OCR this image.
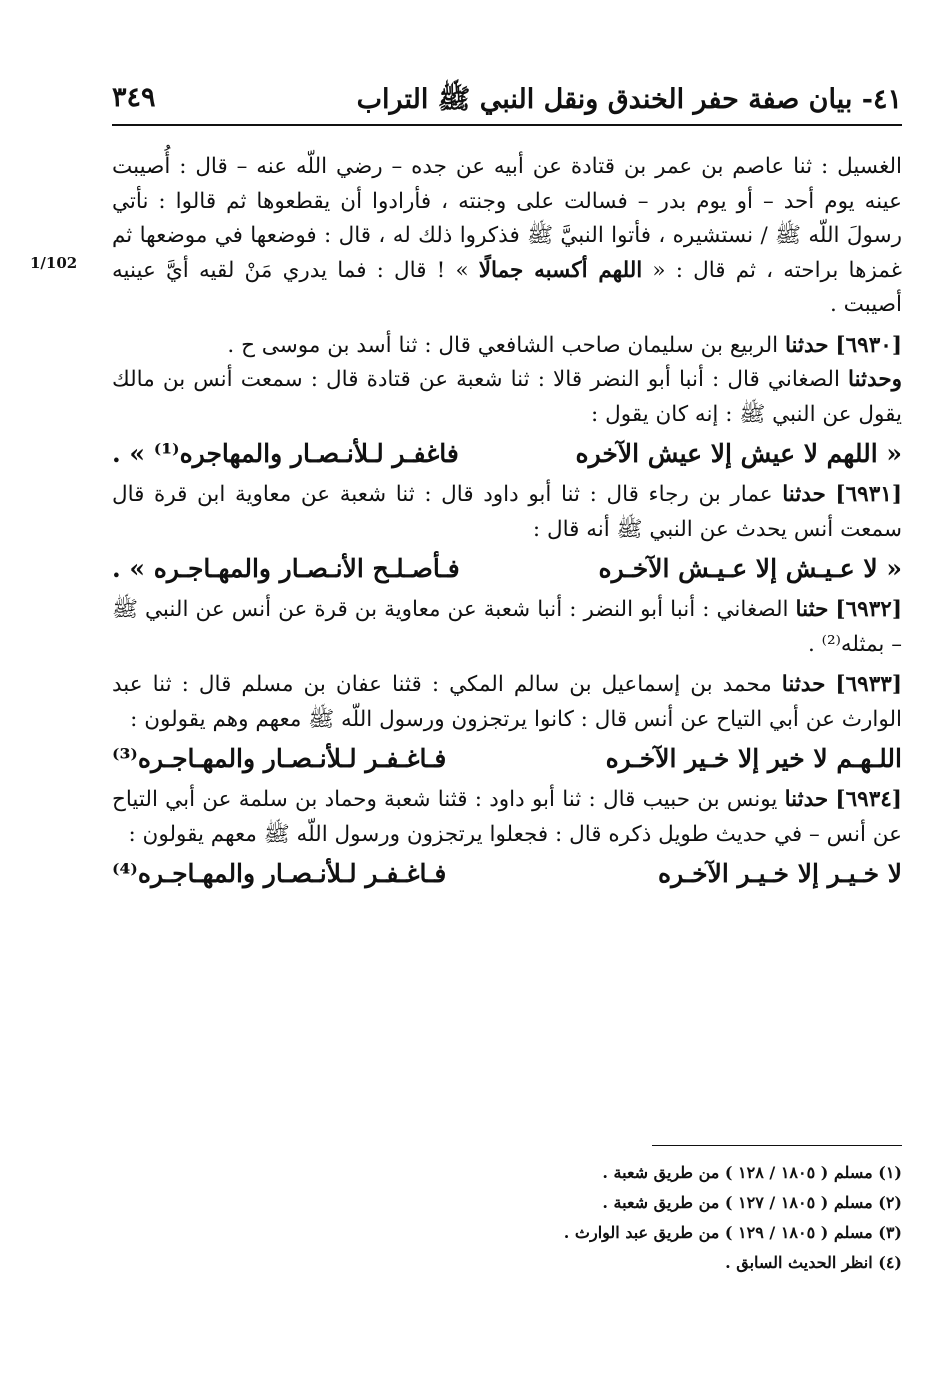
٤١- بيان صفة حفر الخندق ونقل النبي ﷺ التراب
٣٤٩
1/102

الغسيل : ثنا عاصم بن عمر بن قتادة عن أبيه عن جده – رضي اللّه عنه – قال : أُصيبت عينه يوم أحد – أو يوم بدر – فسالت على وجنته ، فأرادوا أن يقطعوها ثم قالوا : نأتي رسولَ اللّه ﷺ / نستشيره ، فأتوا النبيَّ ﷺ فذكروا ذلك له ، قال : فوضعها في موضعها ثم غمزها براحته ، ثم قال : « اللهم أكسبه جمالًا » ! قال : فما يدري مَنْ لقيه أيَّ عينيه أصيبت .

[٦٩٣٠] حدثنا الربيع بن سليمان صاحب الشافعي قال : ثنا أسد بن موسى ح .

وحدثنا الصغاني قال : أنبا أبو النضر قالا : ثنا شعبة عن قتادة قال : سمعت أنس بن مالك يقول عن النبي ﷺ : إنه كان يقول :

« اللهم لا عيش إلا عيش الآخره
فاغفـر لـلأنـصـار والمهاجره⁽¹⁾ » .

[٦٩٣١] حدثنا عمار بن رجاء قال : ثنا أبو داود قال : ثنا شعبة عن معاوية ابن قرة قال سمعت أنس يحدث عن النبي ﷺ أنه قال :

« لا عـيـش إلا عـيـش الآخـره
فـأصـلـح الأنـصـار والمهـاجـره » .

[٦٩٣٢] حثنا الصغاني : أنبا أبو النضر : أنبا شعبة عن معاوية بن قرة عن أنس عن النبي ﷺ – بمثله⁽²⁾ .

[٦٩٣٣] حدثنا محمد بن إسماعيل بن سالم المكي : قثنا عفان بن مسلم قال : ثنا عبد الوارث عن أبي التياح عن أنس قال : كانوا يرتجزون ورسول اللّه ﷺ معهم وهم يقولون :

اللـهـم لا خير إلا خـير الآخـره
فـاغـفـر لـلأنـصـار والمهـاجـره⁽³⁾

[٦٩٣٤] حدثنا يونس بن حبيب قال : ثنا أبو داود : قثنا شعبة وحماد بن سلمة عن أبي التياح عن أنس – في حديث طويل ذكره قال : فجعلوا يرتجزون ورسول اللّه ﷺ معهم يقولون :

لا خـيـر إلا خـيـر الآخـره
فـاغـفـر لـلأنـصـار والمهـاجـره⁽⁴⁾

(١) مسلم ( ١٨٠٥ / ١٢٨ ) من طريق شعبة .

(٢) مسلم ( ١٨٠٥ / ١٢٧ ) من طريق شعبة .

(٣) مسلم ( ١٨٠٥ / ١٢٩ ) من طريق عبد الوارث .

(٤) انظر الحديث السابق .
